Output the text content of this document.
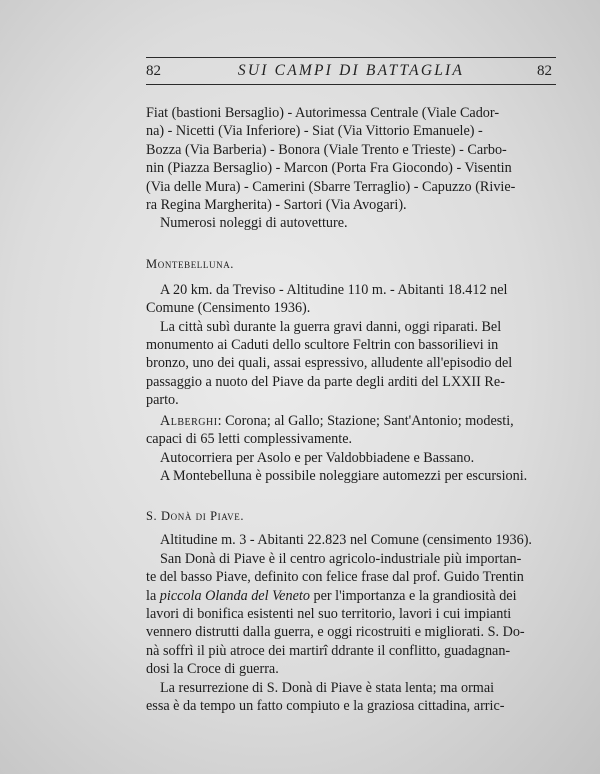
82	SUI CAMPI DI BATTAGLIA	82

Fiat (bastioni Bersaglio) - Autorimessa Centrale (Viale Cador-
na) - Nicetti (Via Inferiore) - Siat (Via Vittorio Emanuele) -
Bozza (Via Barberia) - Bonora (Viale Trento e Trieste) - Carbo-
nin (Piazza Bersaglio) - Marcon (Porta Fra Giocondo) - Visentin
(Via delle Mura) - Camerini (Sbarre Terraglio) - Capuzzo (Rivie-
ra Regina Margherita) - Sartori (Via Avogari).

Numerosi noleggi di autovetture.

Montebelluna.

A 20 km. da Treviso - Altitudine 110 m. - Abitanti 18.412 nel
Comune (Censimento 1936).

La città subì durante la guerra gravi danni, oggi riparati. Bel
monumento ai Caduti dello scultore Feltrin con bassorilievi in
bronzo, uno dei quali, assai espressivo, alludente all'episodio del
passaggio a nuoto del Piave da parte degli arditi del LXXII Re-
parto.

Alberghi: Corona; al Gallo; Stazione; Sant'Antonio; modesti,
capaci di 65 letti complessivamente.

Autocorriera per Asolo e per Valdobbiadene e Bassano.

A Montebelluna è possibile noleggiare automezzi per escursioni.

S. Donà di Piave.

Altitudine m. 3 - Abitanti 22.823 nel Comune (censimento 1936).

San Donà di Piave è il centro agricolo-industriale più importan-
te del basso Piave, definito con felice frase dal prof. Guido Trentin
la piccola Olanda del Veneto per l'importanza e la grandiosità dei
lavori di bonifica esistenti nel suo territorio, lavori i cui impianti
vennero distrutti dalla guerra, e oggi ricostruiti e migliorati. S. Do-
nà soffrì il più atroce dei martirî ddrante il conflitto, guadagnan-
dosi la Croce di guerra.

La resurrezione di S. Donà di Piave è stata lenta; ma ormai
essa è da tempo un fatto compiuto e la graziosa cittadina, arric-
